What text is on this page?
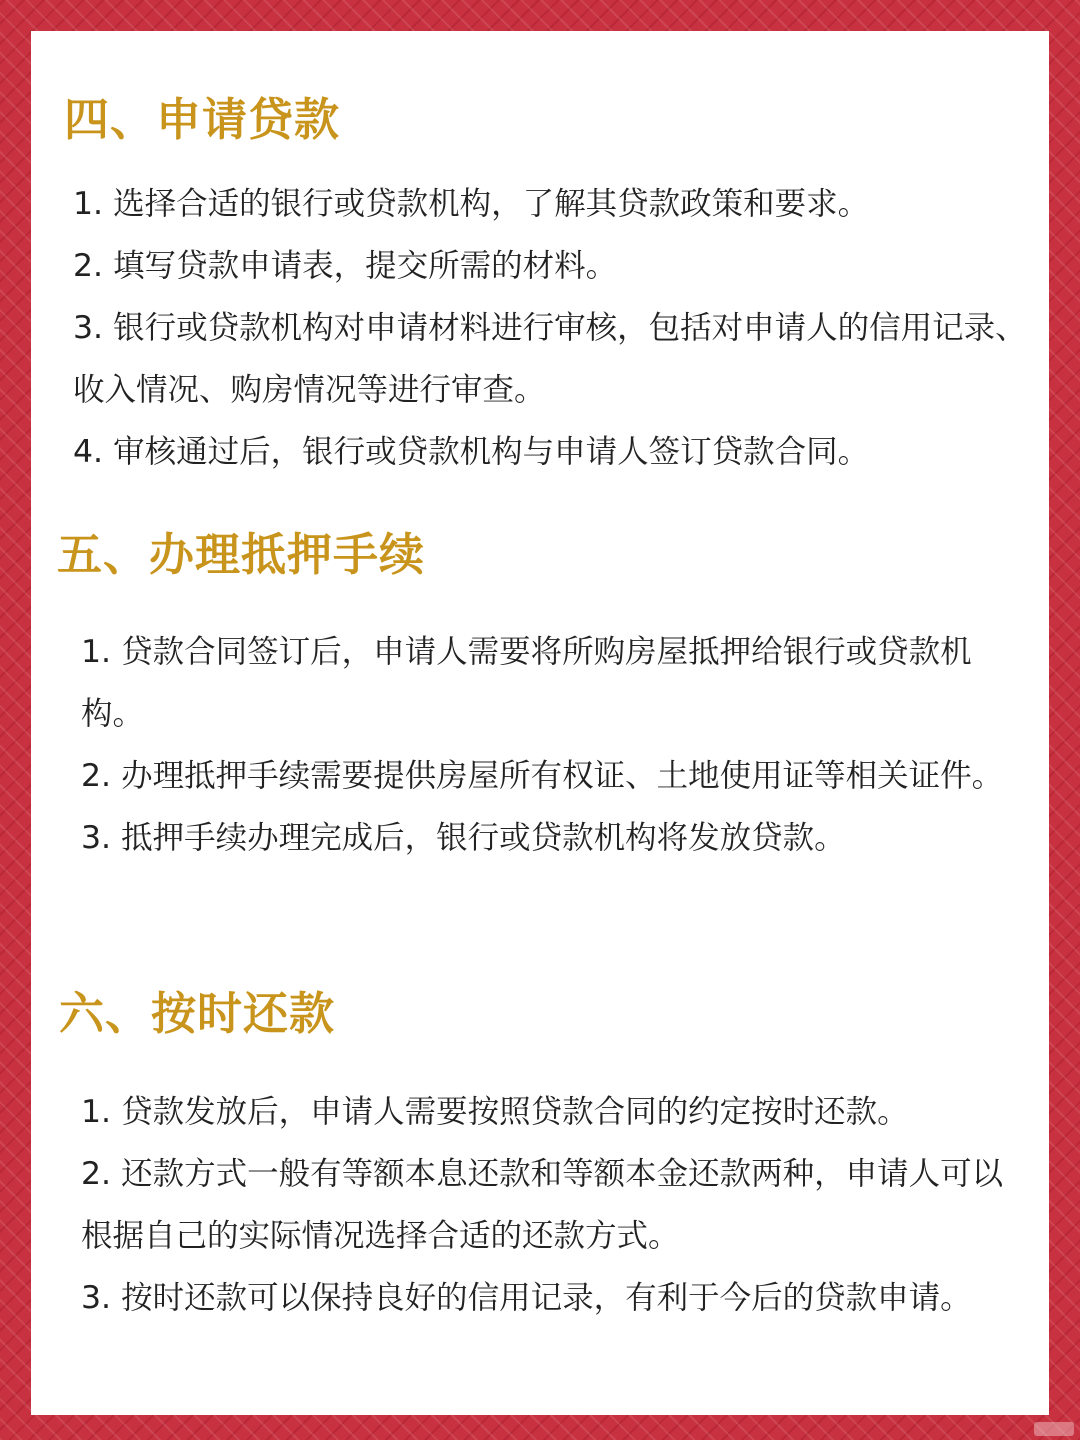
四、申请贷款
1. 选择合适的银行或贷款机构，了解其贷款政策和要求。
2. 填写贷款申请表，提交所需的材料。
3. 银行或贷款机构对申请材料进行审核，包括对申请人的信用记录、收入情况、购房情况等进行审查。
4. 审核通过后，银行或贷款机构与申请人签订贷款合同。
五、办理抵押手续
1. 贷款合同签订后，申请人需要将所购房屋抵押给银行或贷款机构。
2. 办理抵押手续需要提供房屋所有权证、土地使用证等相关证件。
3. 抵押手续办理完成后，银行或贷款机构将发放贷款。
六、按时还款
1. 贷款发放后，申请人需要按照贷款合同的约定按时还款。
2. 还款方式一般有等额本息还款和等额本金还款两种，申请人可以根据自己的实际情况选择合适的还款方式。
3. 按时还款可以保持良好的信用记录，有利于今后的贷款申请。
